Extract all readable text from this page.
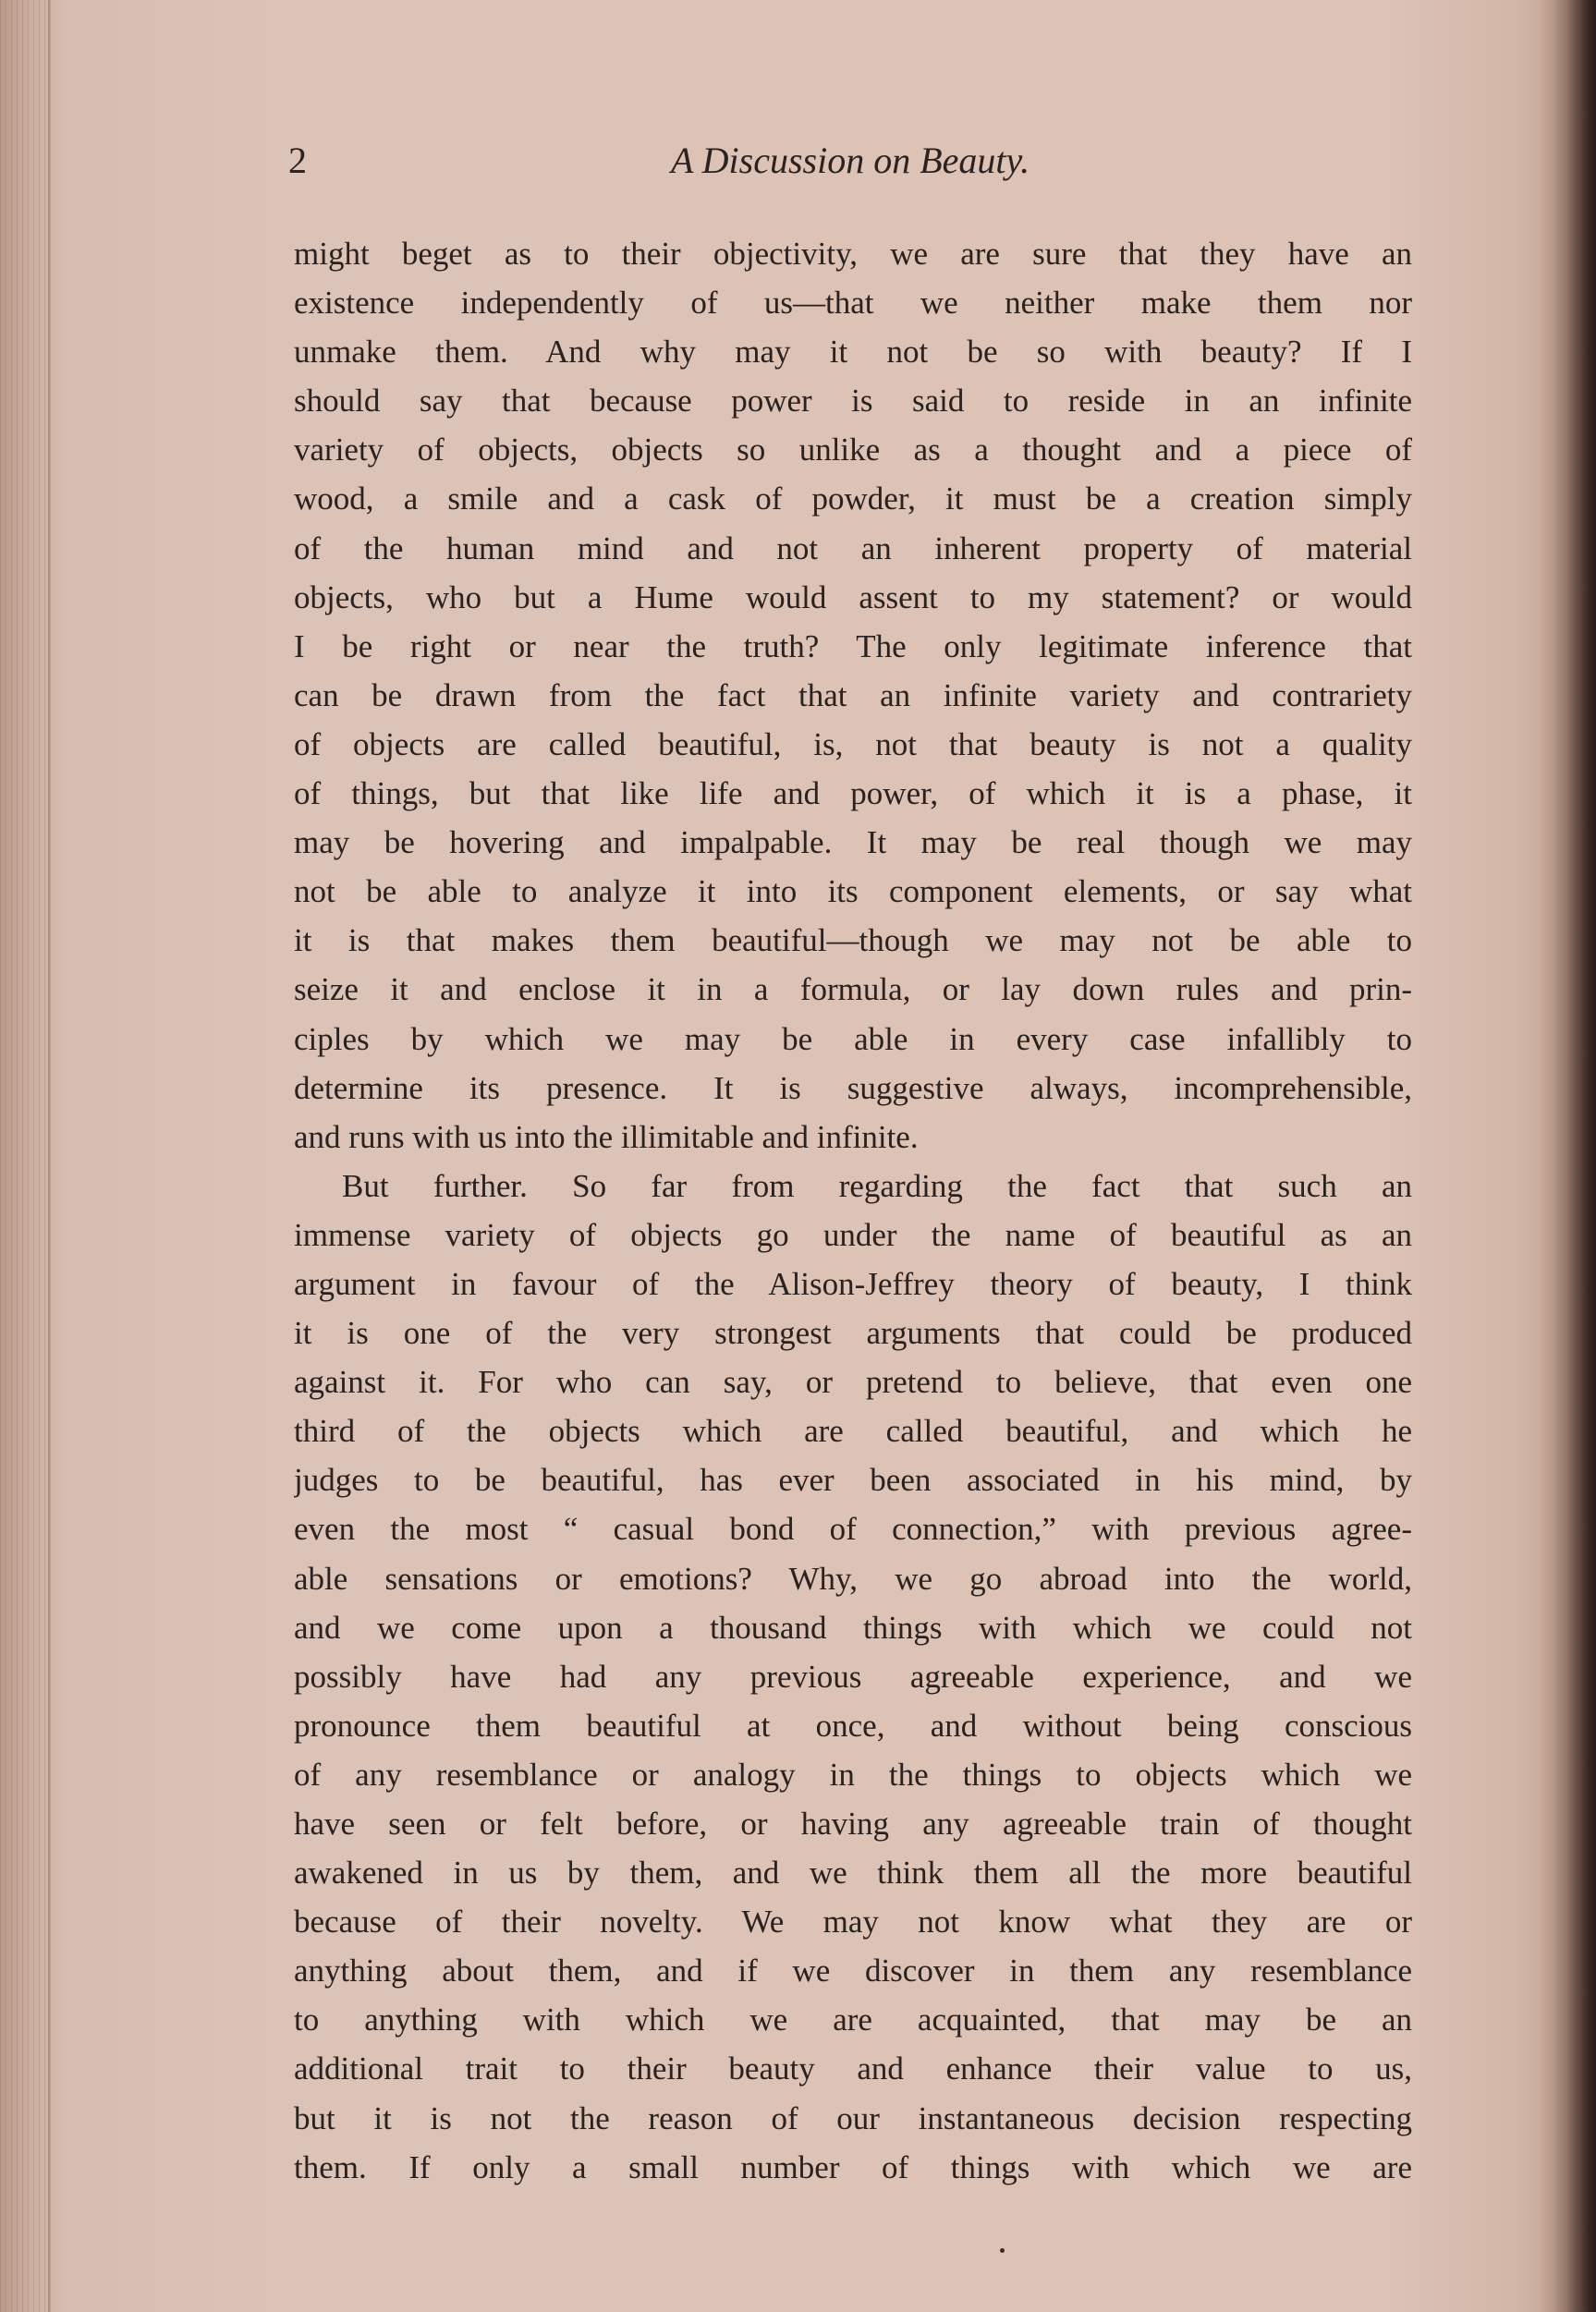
2	A Discussion on Beauty.
might beget as to their objectivity, we are sure that they have an
existence independently of us—that we neither make them nor
unmake them. And why may it not be so with beauty? If I
should say that because power is said to reside in an infinite
variety of objects, objects so unlike as a thought and a piece of
wood, a smile and a cask of powder, it must be a creation simply
of the human mind and not an inherent property of material
objects, who but a Hume would assent to my statement? or would
I be right or near the truth? The only legitimate inference that
can be drawn from the fact that an infinite variety and contrariety
of objects are called beautiful, is, not that beauty is not a quality
of things, but that like life and power, of which it is a phase, it
may be hovering and impalpable. It may be real though we may
not be able to analyze it into its component elements, or say what
it is that makes them beautiful—though we may not be able to
seize it and enclose it in a formula, or lay down rules and prin-
ciples by which we may be able in every case infallibly to
determine its presence. It is suggestive always, incomprehensible,
and runs with us into the illimitable and infinite.
But further. So far from regarding the fact that such an
immense variety of objects go under the name of beautiful as an
argument in favour of the Alison-Jeffrey theory of beauty, I think
it is one of the very strongest arguments that could be produced
against it. For who can say, or pretend to believe, that even one
third of the objects which are called beautiful, and which he
judges to be beautiful, has ever been associated in his mind, by
even the most “ casual bond of connection,” with previous agree-
able sensations or emotions? Why, we go abroad into the world,
and we come upon a thousand things with which we could not
possibly have had any previous agreeable experience, and we
pronounce them beautiful at once, and without being conscious
of any resemblance or analogy in the things to objects which we
have seen or felt before, or having any agreeable train of thought
awakened in us by them, and we think them all the more beautiful
because of their novelty. We may not know what they are or
anything about them, and if we discover in them any resemblance
to anything with which we are acquainted, that may be an
additional trait to their beauty and enhance their value to us,
but it is not the reason of our instantaneous decision respecting
them. If only a small number of things with which we are
